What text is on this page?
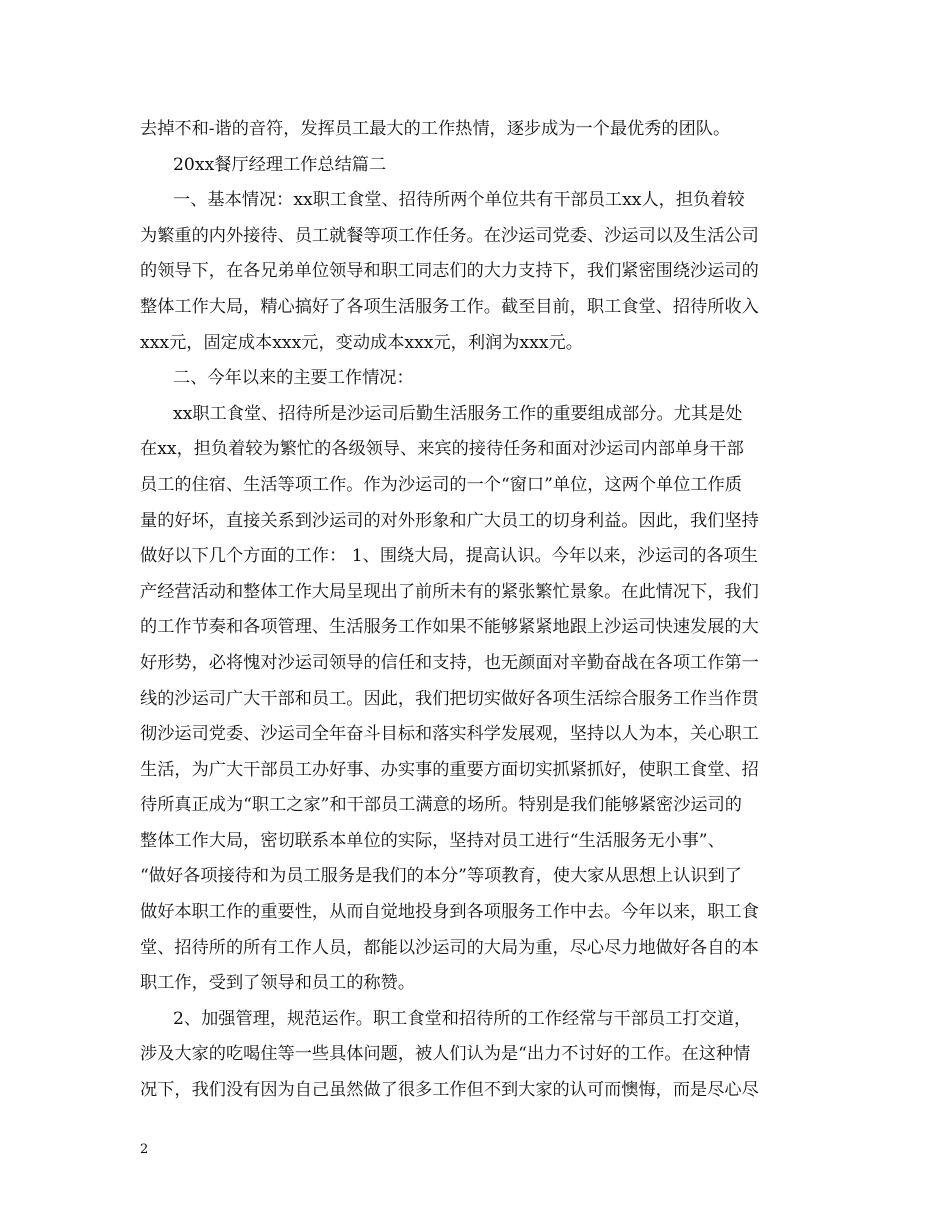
去掉不和-谐的音符，发挥员工最大的工作热情，逐步成为一个最优秀的团队。
20xx餐厅经理工作总结篇二
一、基本情况：xx职工食堂、招待所两个单位共有干部员工xx人，担负着较
为繁重的内外接待、员工就餐等项工作任务。在沙运司党委、沙运司以及生活公司
的领导下，在各兄弟单位领导和职工同志们的大力支持下，我们紧密围绕沙运司的
整体工作大局，精心搞好了各项生活服务工作。截至目前，职工食堂、招待所收入
xxx元，固定成本xxx元，变动成本xxx元，利润为xxx元。
二、今年以来的主要工作情况：
xx职工食堂、招待所是沙运司后勤生活服务工作的重要组成部分。尤其是处
在xx，担负着较为繁忙的各级领导、来宾的接待任务和面对沙运司内部单身干部
员工的住宿、生活等项工作。作为沙运司的一个“窗口”单位，这两个单位工作质
量的好坏，直接关系到沙运司的对外形象和广大员工的切身利益。因此，我们坚持
做好以下几个方面的工作： 1、围绕大局，提高认识。今年以来，沙运司的各项生
产经营活动和整体工作大局呈现出了前所未有的紧张繁忙景象。在此情况下，我们
的工作节奏和各项管理、生活服务工作如果不能够紧紧地跟上沙运司快速发展的大
好形势，必将愧对沙运司领导的信任和支持，也无颜面对辛勤奋战在各项工作第一
线的沙运司广大干部和员工。因此，我们把切实做好各项生活综合服务工作当作贯
彻沙运司党委、沙运司全年奋斗目标和落实科学发展观，坚持以人为本，关心职工
生活，为广大干部员工办好事、办实事的重要方面切实抓紧抓好，使职工食堂、招
待所真正成为“职工之家”和干部员工满意的场所。特别是我们能够紧密沙运司的
整体工作大局，密切联系本单位的实际，坚持对员工进行“生活服务无小事”、
“做好各项接待和为员工服务是我们的本分”等项教育，使大家从思想上认识到了
做好本职工作的重要性，从而自觉地投身到各项服务工作中去。今年以来，职工食
堂、招待所的所有工作人员，都能以沙运司的大局为重，尽心尽力地做好各自的本
职工作，受到了领导和员工的称赞。
2、加强管理，规范运作。职工食堂和招待所的工作经常与干部员工打交道，
涉及大家的吃喝住等一些具体问题，被人们认为是“出力不讨好的工作。在这种情
况下，我们没有因为自己虽然做了很多工作但不到大家的认可而懊悔，而是尽心尽
2
